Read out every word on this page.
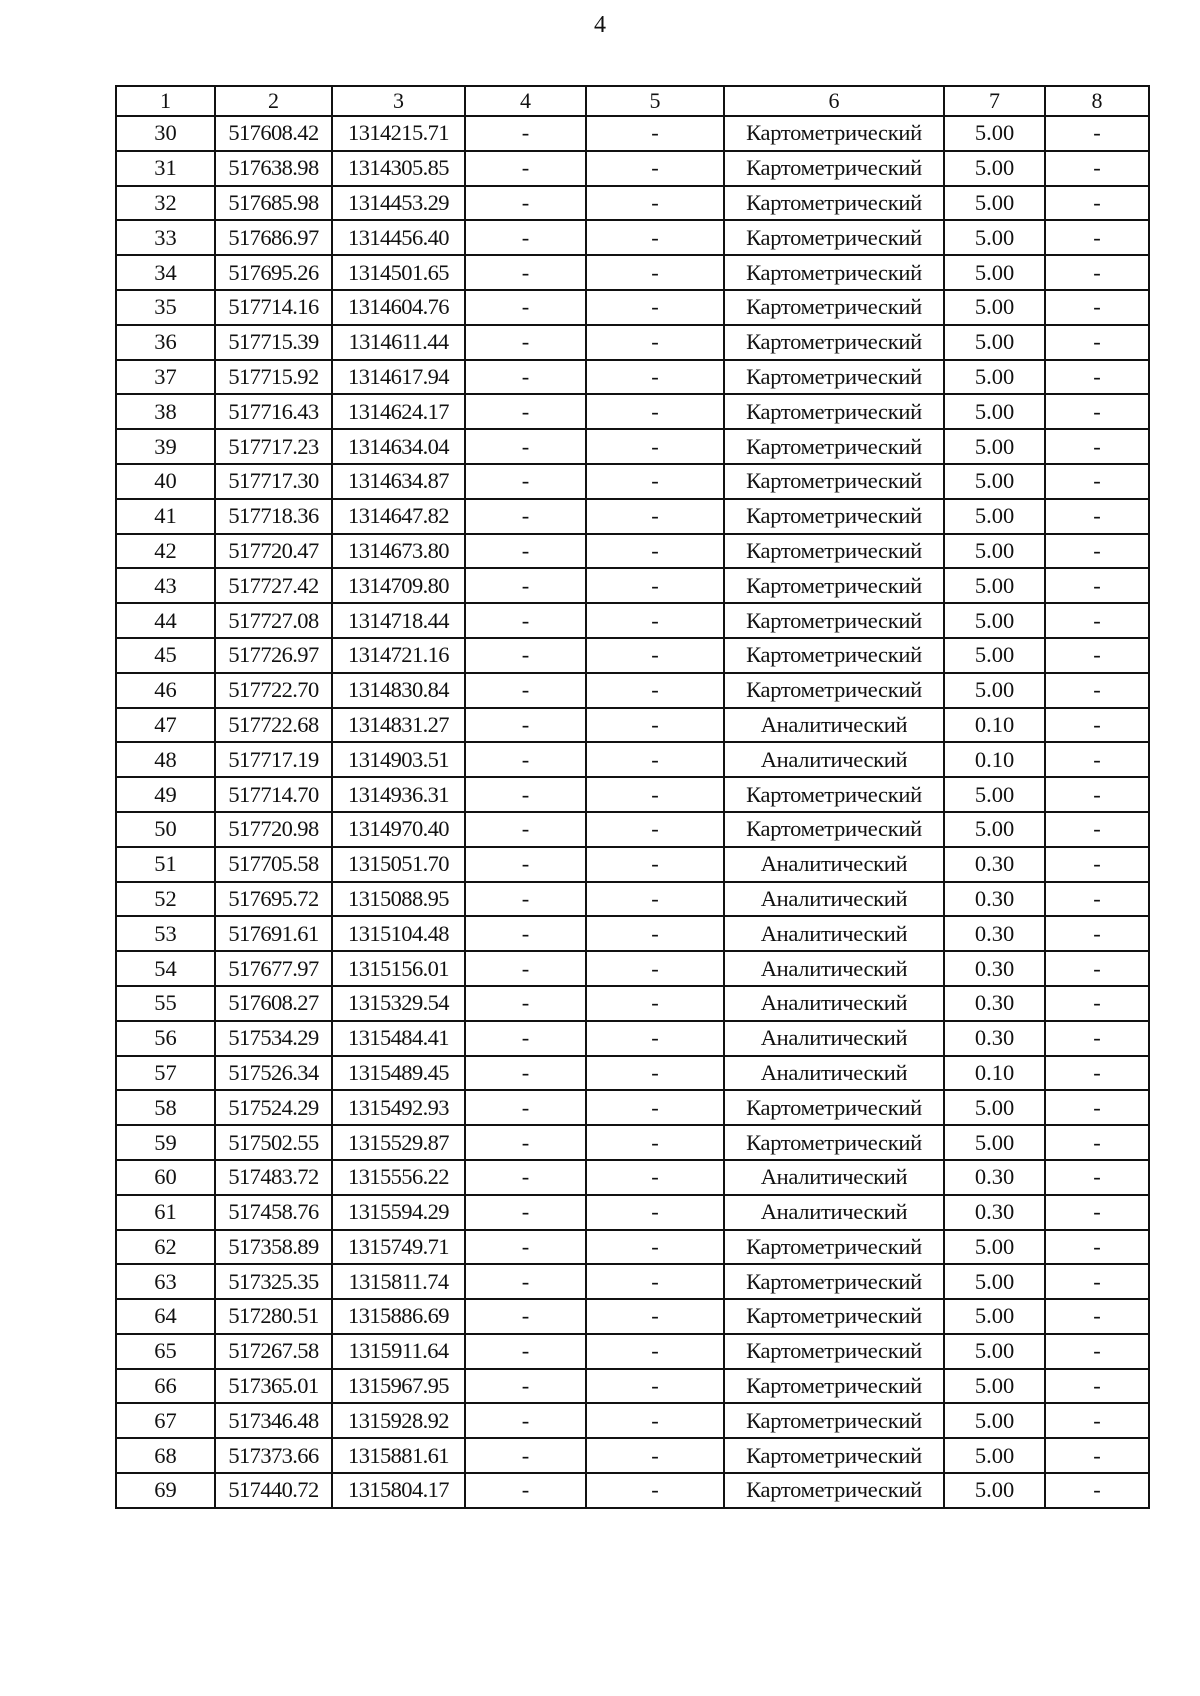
4
1	2	3	4	5	6	7	8
30	517608.42	1314215.71	-	-	Картометрический	5.00	-
31	517638.98	1314305.85	-	-	Картометрический	5.00	-
32	517685.98	1314453.29	-	-	Картометрический	5.00	-
33	517686.97	1314456.40	-	-	Картометрический	5.00	-
34	517695.26	1314501.65	-	-	Картометрический	5.00	-
35	517714.16	1314604.76	-	-	Картометрический	5.00	-
36	517715.39	1314611.44	-	-	Картометрический	5.00	-
37	517715.92	1314617.94	-	-	Картометрический	5.00	-
38	517716.43	1314624.17	-	-	Картометрический	5.00	-
39	517717.23	1314634.04	-	-	Картометрический	5.00	-
40	517717.30	1314634.87	-	-	Картометрический	5.00	-
41	517718.36	1314647.82	-	-	Картометрический	5.00	-
42	517720.47	1314673.80	-	-	Картометрический	5.00	-
43	517727.42	1314709.80	-	-	Картометрический	5.00	-
44	517727.08	1314718.44	-	-	Картометрический	5.00	-
45	517726.97	1314721.16	-	-	Картометрический	5.00	-
46	517722.70	1314830.84	-	-	Картометрический	5.00	-
47	517722.68	1314831.27	-	-	Аналитический	0.10	-
48	517717.19	1314903.51	-	-	Аналитический	0.10	-
49	517714.70	1314936.31	-	-	Картометрический	5.00	-
50	517720.98	1314970.40	-	-	Картометрический	5.00	-
51	517705.58	1315051.70	-	-	Аналитический	0.30	-
52	517695.72	1315088.95	-	-	Аналитический	0.30	-
53	517691.61	1315104.48	-	-	Аналитический	0.30	-
54	517677.97	1315156.01	-	-	Аналитический	0.30	-
55	517608.27	1315329.54	-	-	Аналитический	0.30	-
56	517534.29	1315484.41	-	-	Аналитический	0.30	-
57	517526.34	1315489.45	-	-	Аналитический	0.10	-
58	517524.29	1315492.93	-	-	Картометрический	5.00	-
59	517502.55	1315529.87	-	-	Картометрический	5.00	-
60	517483.72	1315556.22	-	-	Аналитический	0.30	-
61	517458.76	1315594.29	-	-	Аналитический	0.30	-
62	517358.89	1315749.71	-	-	Картометрический	5.00	-
63	517325.35	1315811.74	-	-	Картометрический	5.00	-
64	517280.51	1315886.69	-	-	Картометрический	5.00	-
65	517267.58	1315911.64	-	-	Картометрический	5.00	-
66	517365.01	1315967.95	-	-	Картометрический	5.00	-
67	517346.48	1315928.92	-	-	Картометрический	5.00	-
68	517373.66	1315881.61	-	-	Картометрический	5.00	-
69	517440.72	1315804.17	-	-	Картометрический	5.00	-
